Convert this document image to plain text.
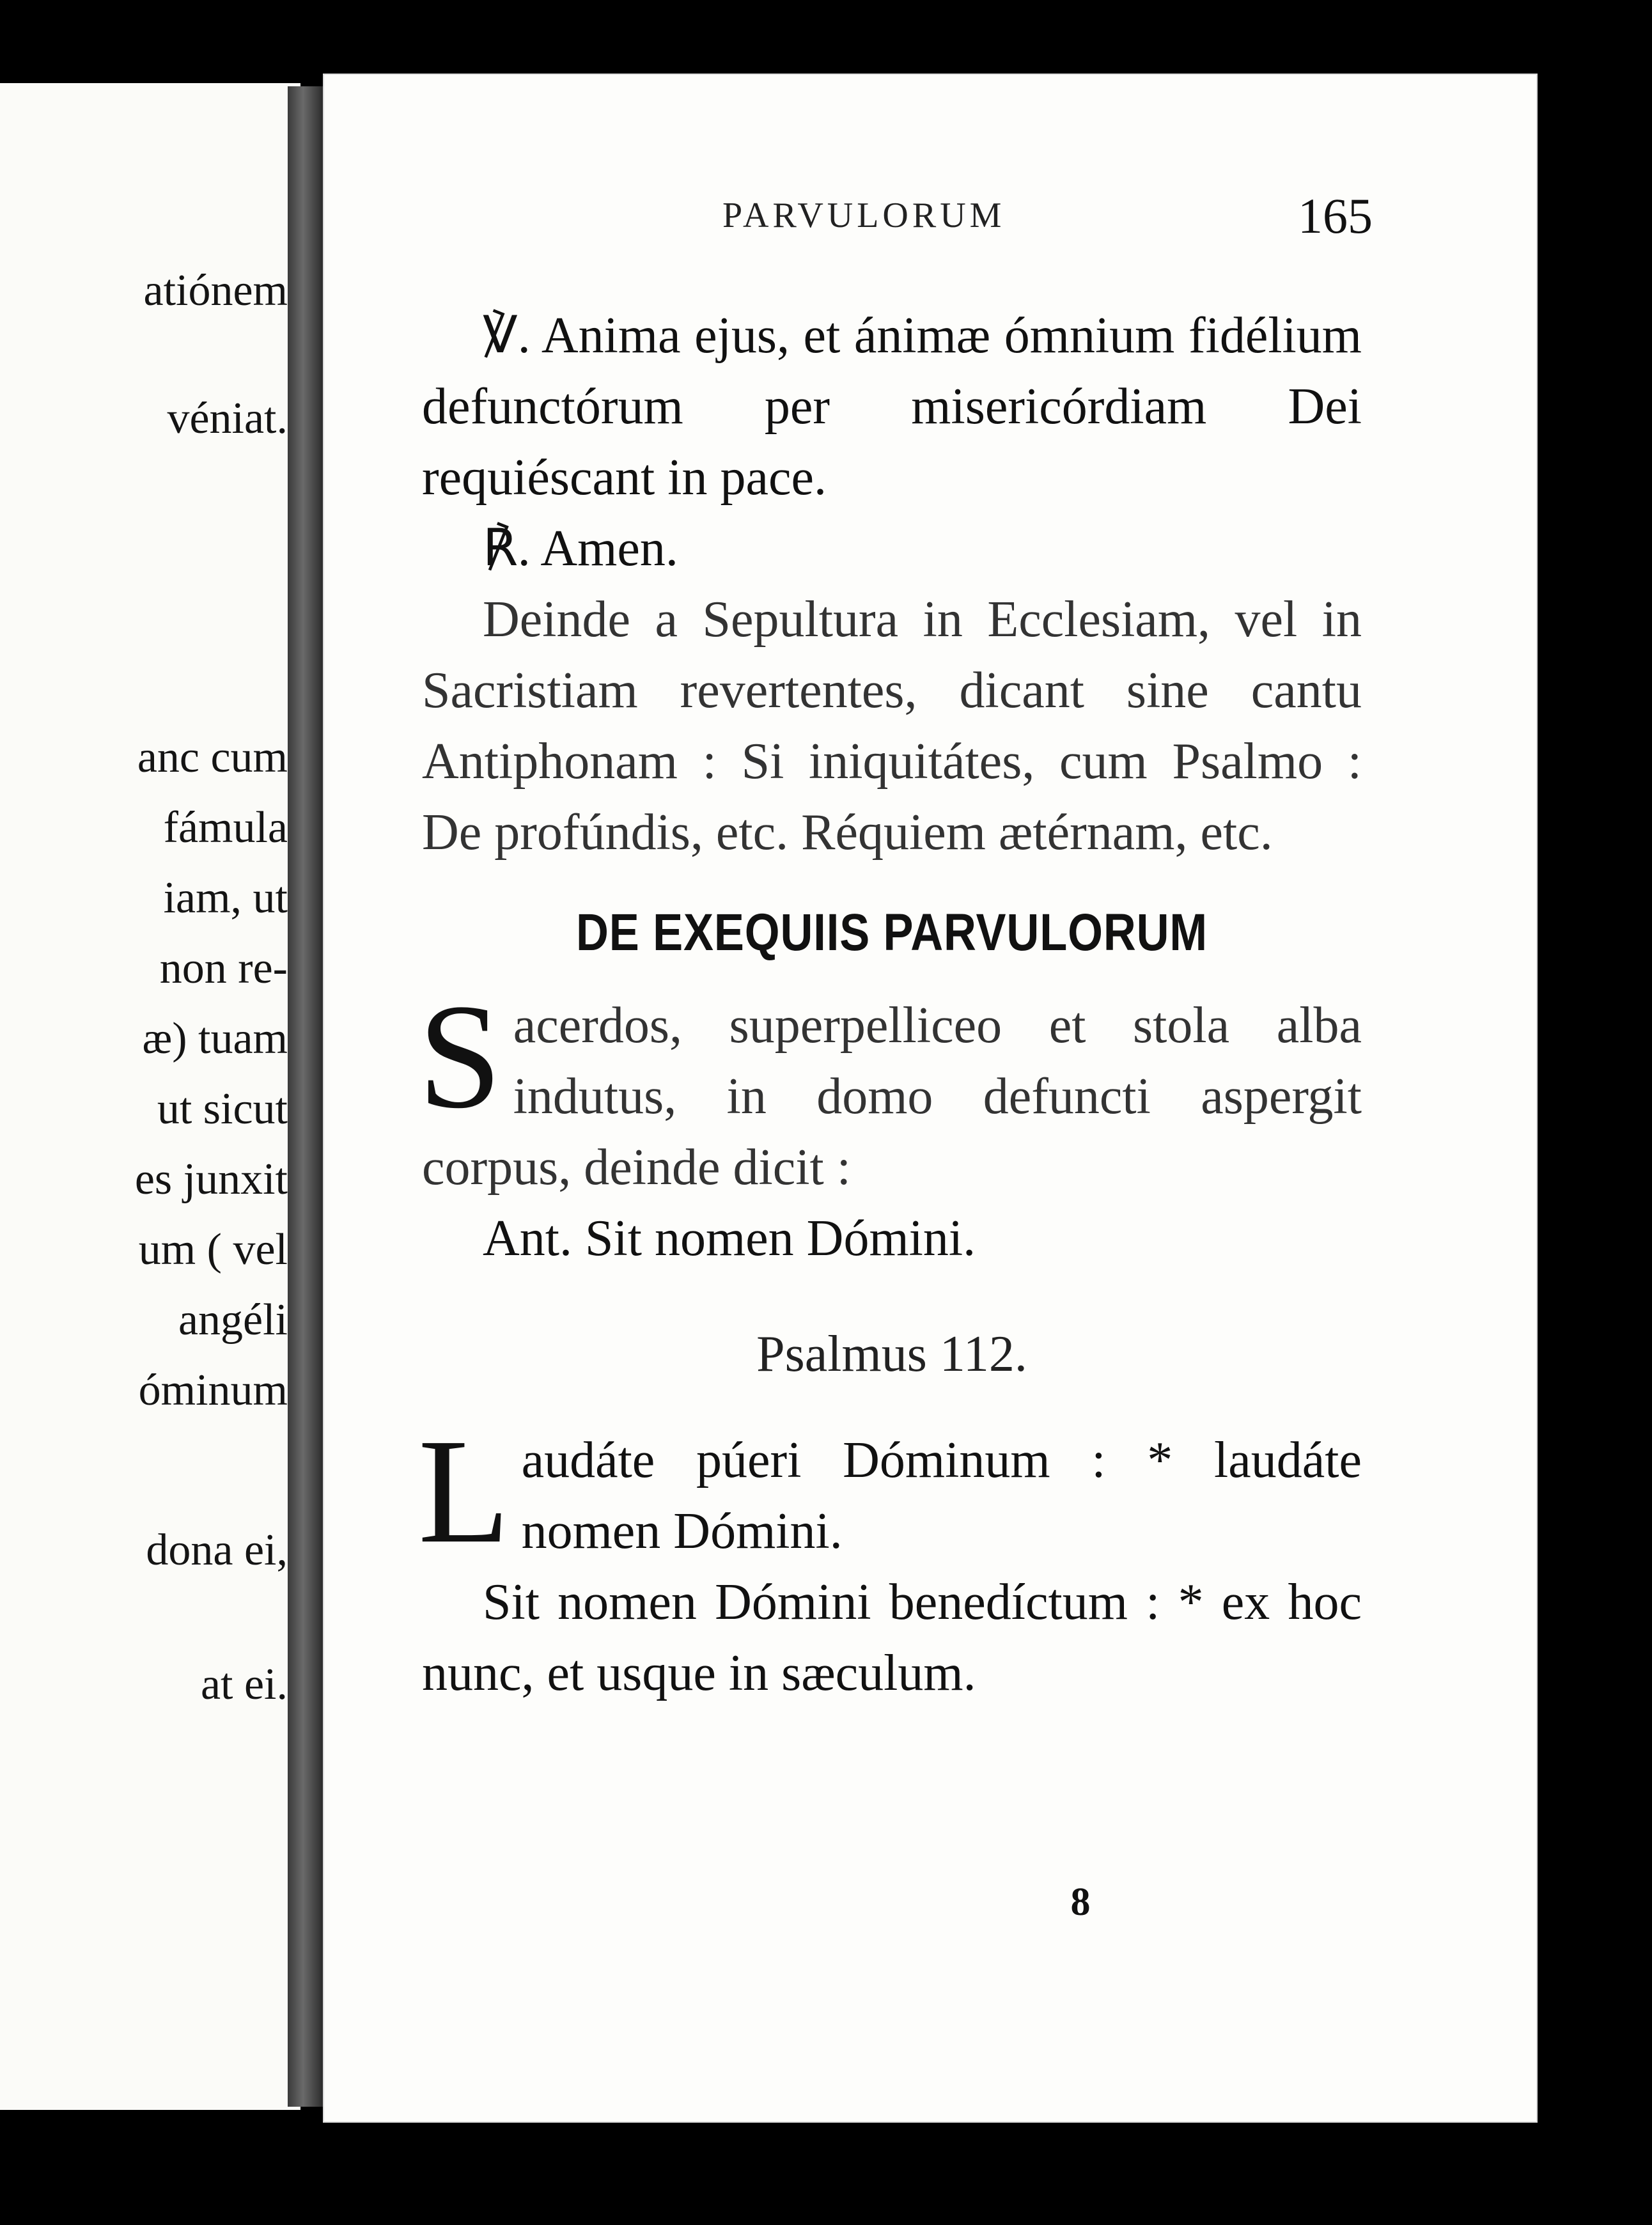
atiónem
véniat.
anc cum
fámula
iam, ut
non re-
æ) tuam
ut sicut
es junxit
um ( vel
angéli
óminum
dona ei,
at ei.
PARVULORUM	165

℣. Anima ejus, et ánimæ ómnium fidélium defunctórum per misericórdiam Dei requiéscant in pace.

℟. Amen.

Deinde a Sepultura in Ecclesiam, vel in Sacristiam revertentes, dicant sine cantu Antiphonam : Si iniquitátes, cum Psalmo : De profúndis, etc. Réquiem ætérnam, etc.

DE EXEQUIIS PARVULORUM

S acerdos, superpelliceo et stola alba indutus, in domo defuncti aspergit corpus, deinde dicit :

Ant. Sit nomen Dómini.

Psalmus 112.

L audáte púeri Dóminum : * laudáte nomen Dómini.

Sit nomen Dómini benedíctum : * ex hoc nunc, et usque in sæculum.

8
